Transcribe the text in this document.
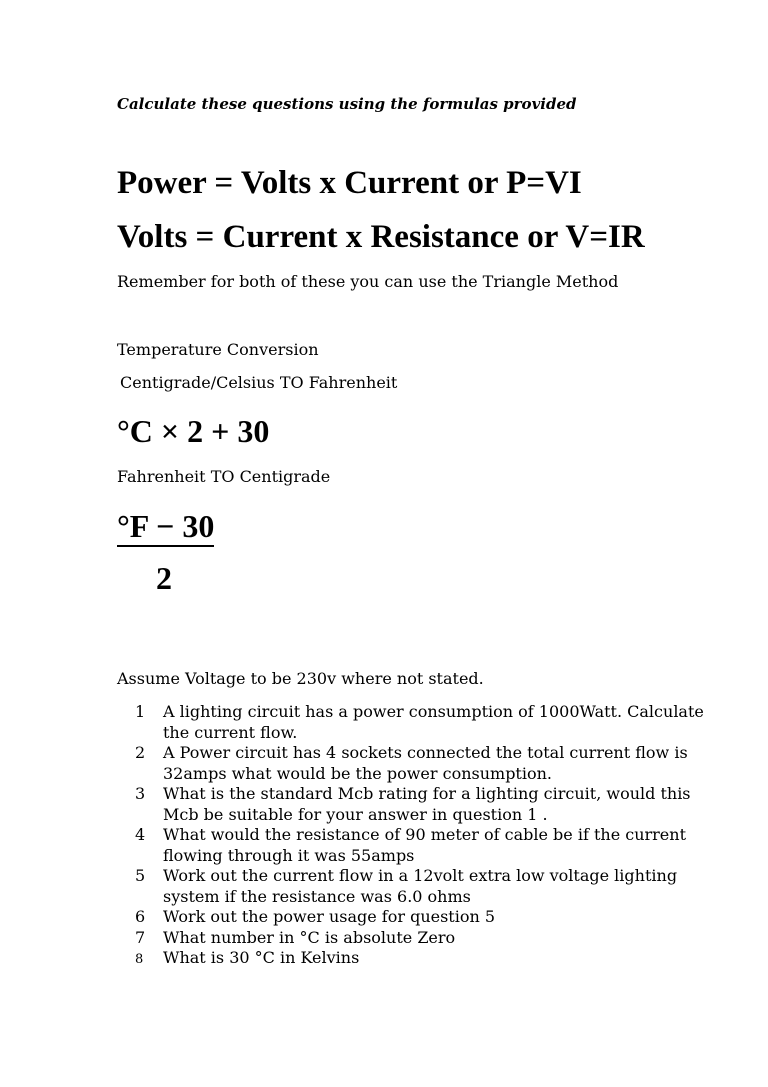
Calculate these questions using the formulas provided
Power = Volts x Current or P=VI
Volts = Current x Resistance or V=IR
Remember for both of these you can use the Triangle Method
Temperature Conversion
Centigrade/Celsius TO Fahrenheit
°C × 2 + 30
Fahrenheit TO Centigrade
°F − 30
2
Assume Voltage to be 230v where not stated.
1	A lighting circuit has a power consumption of 1000Watt. Calculate the current flow.
2	A Power circuit has 4 sockets connected the total current flow is 32amps what would be the power consumption.
3	What is the standard Mcb rating for a lighting circuit, would this Mcb be suitable for your answer in question 1 .
4	What would the resistance of 90 meter of cable be if the current flowing through it was 55amps
5	Work out the current flow in a 12volt extra low voltage lighting system if the resistance was 6.0 ohms
6	Work out the power usage for question 5
7	What number in °C is absolute Zero
8	What is 30 °C in Kelvins
